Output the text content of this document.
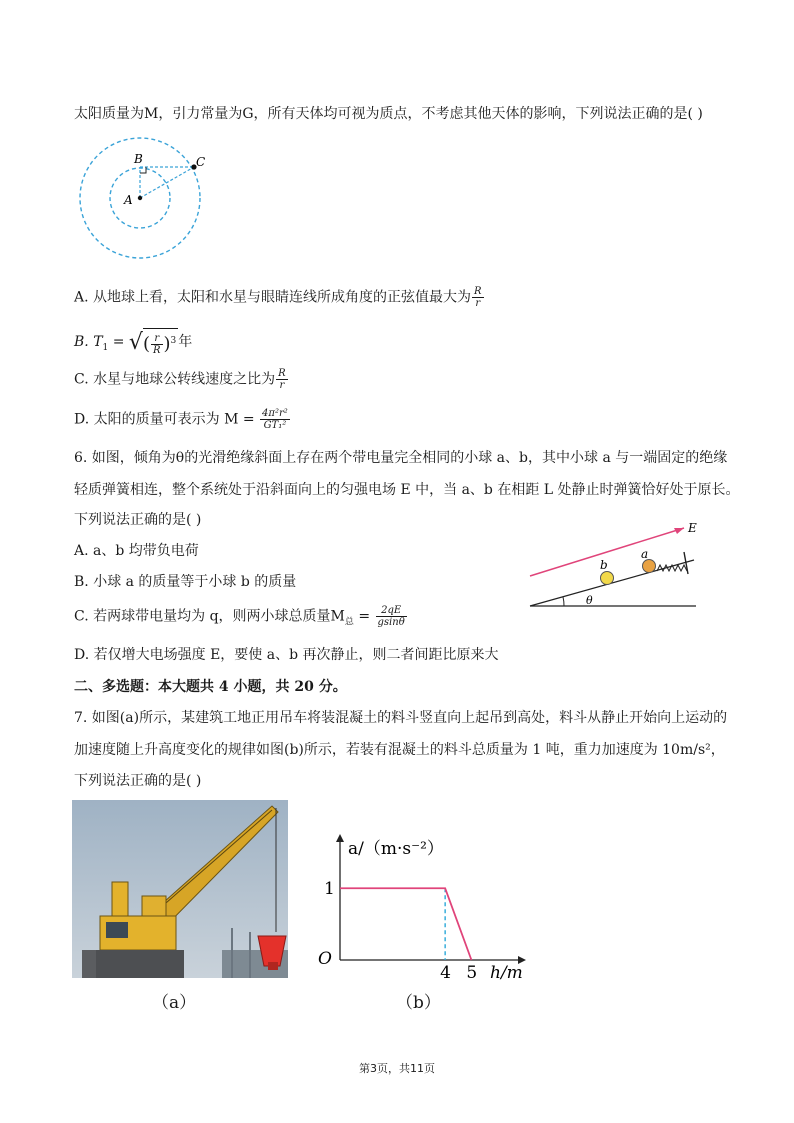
太阳质量为M，引力常量为G，所有天体均可视为质点，不考虑其他天体的影响，下列说法正确的是( )
A
B	C
A. 从地球上看，太阳和水星与眼睛连线所成角度的正弦值最大为 $\frac{R}{r}$
B. $T_1$ = √( $\frac{r}{R} )^3$ 年
C. 水星与地球公转线速度之比为 $\frac{R}{r}$
D. 太阳的质量可表示为 $M = \frac{\text{4π²r²}}{\text{GT₁²}}$
6. 如图，倾角为θ的光滑绝缘斜面上存在两个带电量完全相同的小球 a、b，其中小球 a 与一端固定的绝缘
轻质弹簧相连，整个系统处于沿斜面向上的匀强电场 E 中，当 a、b 在相距 L 处静止时弹簧恰好处于原长。
下列说法正确的是( )
A. a、b 均带负电荷
B. 小球 a 的质量等于小球 b 的质量
C. 若两球带电量均为 q，则两小球总质量$M_总 = \frac{2qE}{gsin\theta}$
D. 若仅增大电场强度 E，要使 a、b 再次静止，则二者间距比原来大
E
a
b
θ
二、多选题：本大题共 4 小题，共 20 分。
7. 如图(a)所示，某建筑工地正用吊车将装混凝土的料斗竖直向上起吊到高处，料斗从静止开始向上运动的
加速度随上升高度变化的规律如图(b)所示，若装有混凝土的料斗总质量为 1 吨，重力加速度为 10m/s²，
下列说法正确的是( )
（a）
4 5
1
a/（m·s⁻²）
h/m
O
（b）
第3页，共11页
